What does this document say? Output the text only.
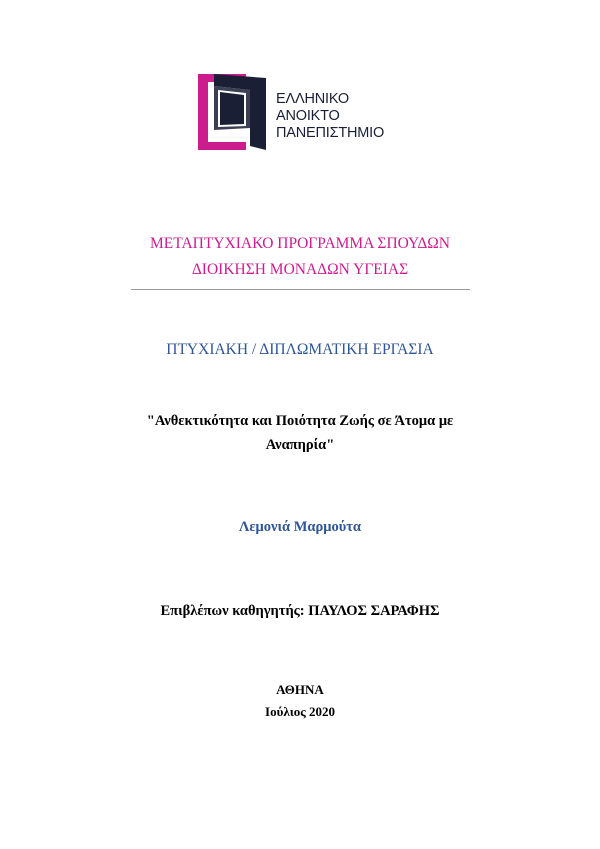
ΕΛΛΗΝΙΚΟ
ΑΝΟΙΚΤΟ
ΠΑΝΕΠΙΣΤΗΜΙΟ
ΜΕΤΑΠΤΥΧΙΑΚΟ ΠΡΟΓΡΑΜΜΑ ΣΠΟΥΔΩΝ
ΔΙΟΙΚΗΣΗ ΜΟΝΑΔΩΝ ΥΓΕΙΑΣ
ΠΤΥΧΙΑΚΗ / ΔΙΠΛΩΜΑΤΙΚΗ ΕΡΓΑΣΙΑ
"Ανθεκτικότητα και Ποιότητα Ζωής σε Άτομα με
Αναπηρία"
Λεμονιά Μαρμούτα
Επιβλέπων καθηγητής: ΠΑΥΛΟΣ ΣΑΡΑΦΗΣ
ΑΘΗΝΑ
Ιούλιος 2020
